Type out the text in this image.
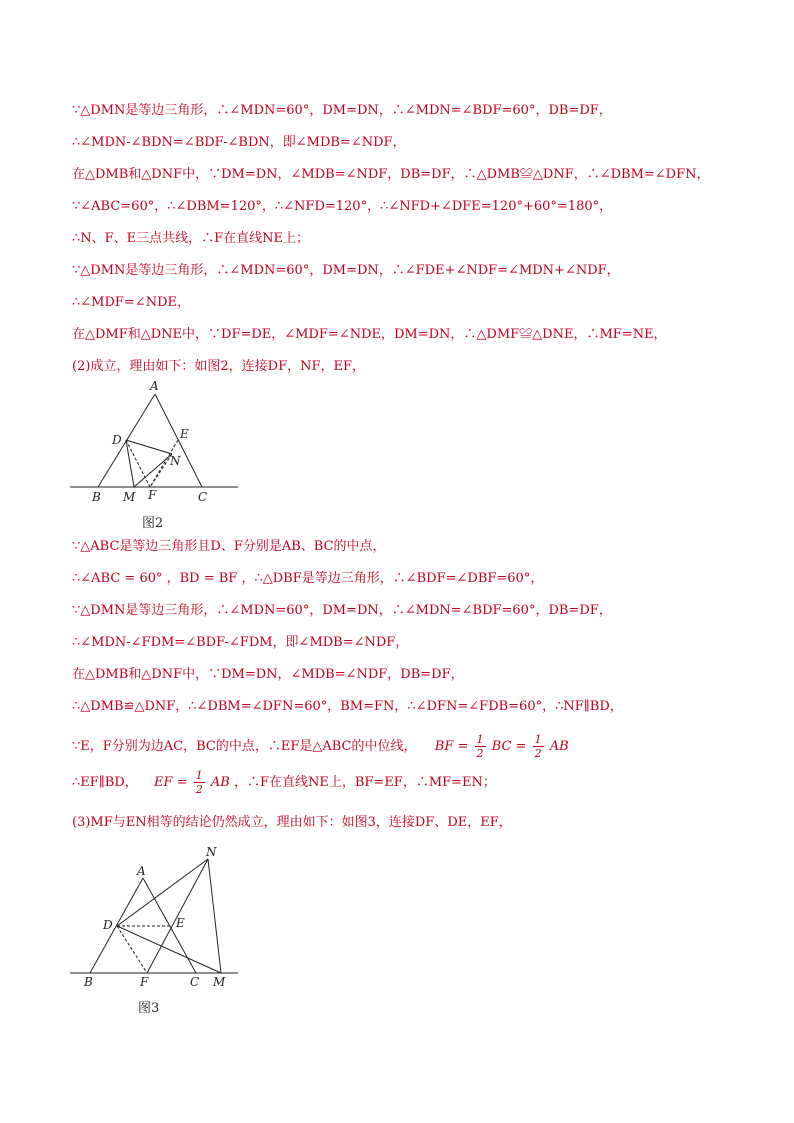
∵△DMN是等边三角形，∴∠MDN=60°，DM=DN，∴∠MDN=∠BDF=60°，DB=DF，
∴∠MDN-∠BDN=∠BDF-∠BDN，即∠MDB=∠NDF，
在△DMB和△DNF中，∵DM=DN，∠MDB=∠NDF，DB=DF，∴△DMB≌△DNF，∴∠DBM=∠DFN，
∵∠ABC=60°，∴∠DBM=120°，∴∠NFD=120°，∴∠NFD+∠DFE=120°+60°=180°，
∴N、F、E三点共线，∴F在直线NE上；
∵△DMN是等边三角形，∴∠MDN=60°，DM=DN，∴∠FDE+∠NDF=∠MDN+∠NDF，
∴∠MDF=∠NDE，
在△DMF和△DNE中，∵DF=DE，∠MDF=∠NDE，DM=DN，∴△DMF≌△DNE，∴MF=NE，
(2)成立，理由如下：如图2，连接DF，NF，EF，
A
D	E
N
B M F	C
图2
∵△ABC是等边三角形且D、F分别是AB、BC的中点，
∴∠ABC = 60° ，BD = BF ，∴△DBF是等边三角形，∴∠BDF=∠DBF=60°，
∵△DMN是等边三角形，∴∠MDN=60°，DM=DN，∴∠MDN=∠BDF=60°，DB=DF，
∴∠MDN-∠FDM=∠BDF-∠FDM，即∠MDB=∠NDF，
在△DMB和△DNF中，∵DM=DN，∠MDB=∠NDF，DB=DF，
∴△DMB≌△DNF，∴∠DBM=∠DFN=60°，BM=FN，∴∠DFN=∠FDB=60°，∴NF∥BD，
∵E，F分别为边AC，BC的中点，∴EF是△ABC的中位线， BF = $\frac{1}{2}$ BC = $\frac{1}{2}$ AB
∴EF∥BD， EF = $\frac{1}{2}$ AB ，∴F在直线NE上，BF=EF，∴MF=EN；
(3)MF与EN相等的结论仍然成立，理由如下：如图3，连接DF、DE，EF，
N
A
D	E
B	F	C M
图3
